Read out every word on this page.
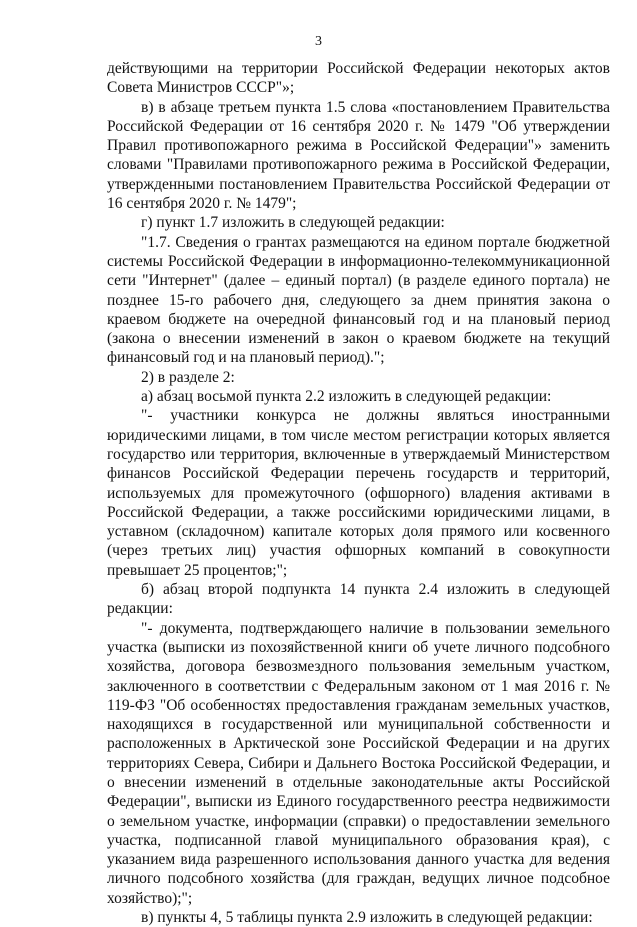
3

действующими на территории Российской Федерации некоторых актов Совета Министров СССР"»;

в) в абзаце третьем пункта 1.5 слова «постановлением Правительства Российской Федерации от 16 сентября 2020 г. № 1479 "Об утверждении Правил противопожарного режима в Российской Федерации"» заменить словами "Правилами противопожарного режима в Российской Федерации, утвержденными постановлением Правительства Российской Федерации от 16 сентября 2020 г. № 1479";

г) пункт 1.7 изложить в следующей редакции:

"1.7. Сведения о грантах размещаются на едином портале бюджетной системы Российской Федерации в информационно-телекоммуникационной сети "Интернет" (далее – единый портал) (в разделе единого портала) не позднее 15-го рабочего дня, следующего за днем принятия закона о краевом бюджете на очередной финансовый год и на плановый период (закона о внесении изменений в закон о краевом бюджете на текущий финансовый год и на плановый период).";

2) в разделе 2:

а) абзац восьмой пункта 2.2 изложить в следующей редакции:

"- участники конкурса не должны являться иностранными юридическими лицами, в том числе местом регистрации которых является государство или территория, включенные в утверждаемый Министерством финансов Российской Федерации перечень государств и территорий, используемых для промежуточного (офшорного) владения активами в Российской Федерации, а также российскими юридическими лицами, в уставном (складочном) капитале которых доля прямого или косвенного (через третьих лиц) участия офшорных компаний в совокупности превышает 25 процентов;";

б) абзац второй подпункта 14 пункта 2.4 изложить в следующей редакции:

"- документа, подтверждающего наличие в пользовании земельного участка (выписки из похозяйственной книги об учете личного подсобного хозяйства, договора безвозмездного пользования земельным участком, заключенного в соответствии с Федеральным законом от 1 мая 2016 г. № 119-ФЗ "Об особенностях предоставления гражданам земельных участков, находящихся в государственной или муниципальной собственности и расположенных в Арктической зоне Российской Федерации и на других территориях Севера, Сибири и Дальнего Востока Российской Федерации, и о внесении изменений в отдельные законодательные акты Российской Федерации", выписки из Единого государственного реестра недвижимости о земельном участке, информации (справки) о предоставлении земельного участка, подписанной главой муниципального образования края), с указанием вида разрешенного использования данного участка для ведения личного подсобного хозяйства (для граждан, ведущих личное подсобное хозяйство);";

в) пункты 4, 5 таблицы пункта 2.9 изложить в следующей редакции:
